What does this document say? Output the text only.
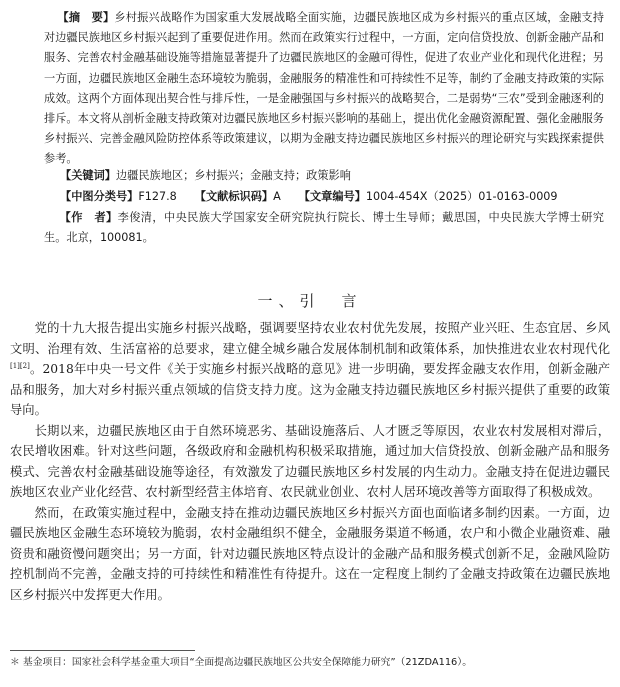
【摘　要】乡村振兴战略作为国家重大发展战略全面实施，边疆民族地区成为乡村振兴的重点区域，金融支持对边疆民族地区乡村振兴起到了重要促进作用。然而在政策实行过程中，一方面，定向信贷投放、创新金融产品和服务、完善农村金融基础设施等措施显著提升了边疆民族地区的金融可得性，促进了农业产业化和现代化进程；另一方面，边疆民族地区金融生态环境较为脆弱，金融服务的精准性和可持续性不足等，制约了金融支持政策的实际成效。这两个方面体现出契合性与排斥性，一是金融强国与乡村振兴的战略契合，二是弱势“三农”受到金融逐利的排斥。本文将从剖析金融支持政策对边疆民族地区乡村振兴影响的基础上，提出优化金融资源配置、强化金融服务乡村振兴、完善金融风险防控体系等政策建议，以期为金融支持边疆民族地区乡村振兴的理论研究与实践探索提供参考。

【关键词】边疆民族地区；乡村振兴；金融支持；政策影响
【中图分类号】F127.8 【文献标识码】A 【文章编号】1004-454X（2025）01-0163-0009

【作　者】李俊清，中央民族大学国家安全研究院执行院长、博士生导师；戴思国，中央民族大学博士研究生。北京，100081。

一、引　言

党的十九大报告提出实施乡村振兴战略，强调要坚持农业农村优先发展，按照产业兴旺、生态宜居、乡风文明、治理有效、生活富裕的总要求，建立健全城乡融合发展体制机制和政策体系，加快推进农业农村现代化[1][2]。2018年中央一号文件《关于实施乡村振兴战略的意见》进一步明确，要发挥金融支农作用，创新金融产品和服务，加大对乡村振兴重点领域的信贷支持力度。这为金融支持边疆民族地区乡村振兴提供了重要的政策导向。

长期以来，边疆民族地区由于自然环境恶劣、基础设施落后、人才匮乏等原因，农业农村发展相对滞后，农民增收困难。针对这些问题，各级政府和金融机构积极采取措施，通过加大信贷投放、创新金融产品和服务模式、完善农村金融基础设施等途径，有效激发了边疆民族地区乡村发展的内生动力。金融支持在促进边疆民族地区农业产业化经营、农村新型经营主体培育、农民就业创业、农村人居环境改善等方面取得了积极成效。

然而，在政策实施过程中，金融支持在推动边疆民族地区乡村振兴方面也面临诸多制约因素。一方面，边疆民族地区金融生态环境较为脆弱，农村金融组织不健全，金融服务渠道不畅通，农户和小微企业融资难、融资贵和融资慢问题突出；另一方面，针对边疆民族地区特点设计的金融产品和服务模式创新不足，金融风险防控机制尚不完善，金融支持的可持续性和精准性有待提升。这在一定程度上制约了金融支持政策在边疆民族地区乡村振兴中发挥更大作用。

＊ 基金项目：国家社会科学基金重大项目“全面提高边疆民族地区公共安全保障能力研究”（21ZDA116）。
